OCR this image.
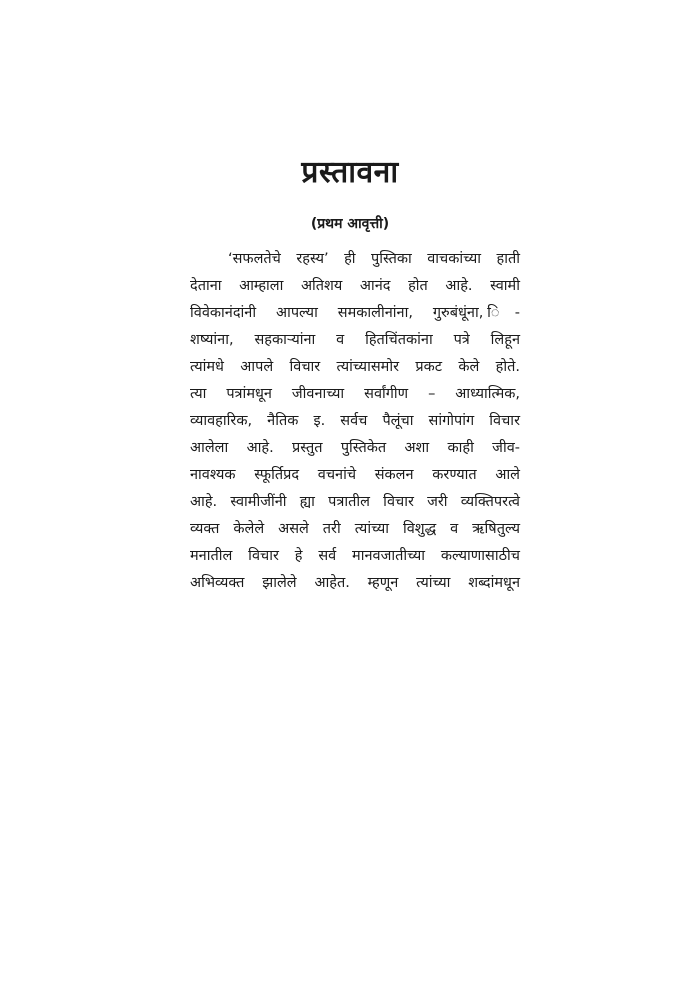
प्रस्तावना

(प्रथम आवृत्ती)

‘सफलतेचे रहस्य’ ही पुस्तिका वाचकांच्या हाती
देताना आम्हाला अतिशय आनंद होत आहे. स्वामी
विवेकानंदांनी आपल्या समकालीनांना, गुरुबंधूंना, ि-
शष्यांना, सहकाऱ्यांना व हितचिंतकांना पत्रे लिहून
त्यांमधे आपले विचार त्यांच्यासमोर प्रकट केले होते.
त्या पत्रांमधून जीवनाच्या सर्वांगीण – आध्यात्मिक,
व्यावहारिक, नैतिक इ. सर्वच पैलूंचा सांगोपांग विचार
आलेला आहे. प्रस्तुत पुस्तिकेत अशा काही जीव-
नावश्यक स्फूर्तिप्रद वचनांचे संकलन करण्यात आले
आहे. स्वामीजींनी ह्या पत्रातील विचार जरी व्यक्तिपरत्वे
व्यक्त केलेले असले तरी त्यांच्या विशुद्ध व ऋषितुल्य
मनातील विचार हे सर्व मानवजातीच्या कल्याणासाठीच
अभिव्यक्त झालेले आहेत. म्हणून त्यांच्या शब्दांमधून
